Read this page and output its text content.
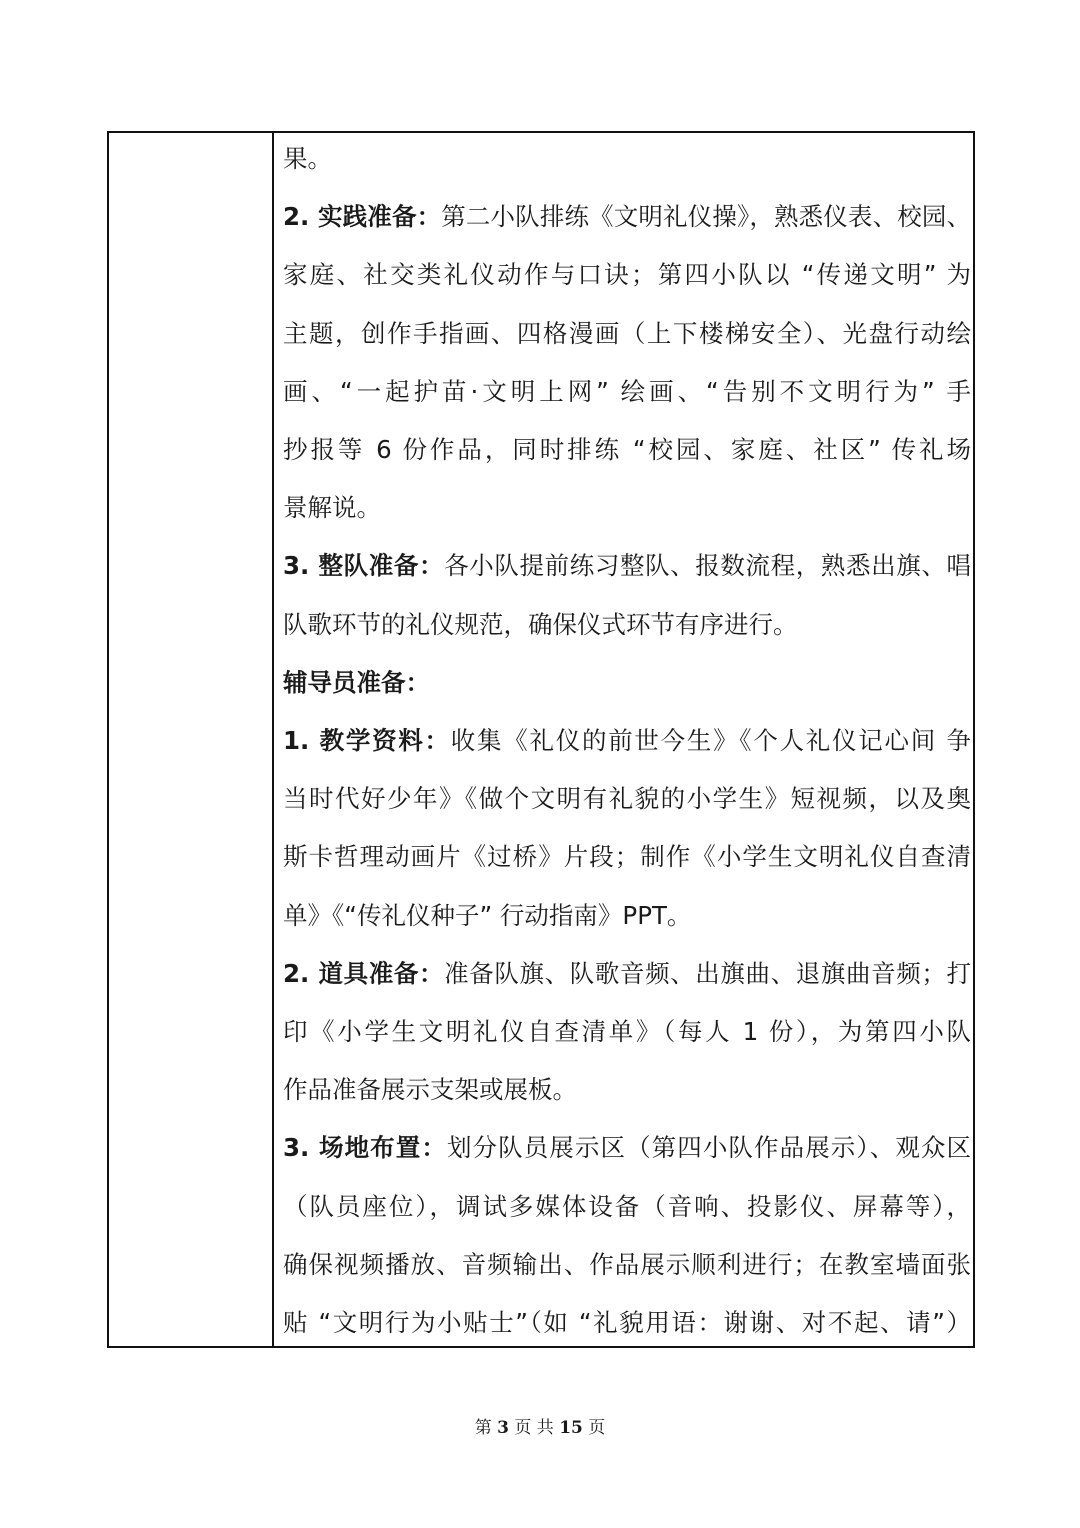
果。
2. 实践准备：第二小队排练《文明礼仪操》，熟悉仪表、校园、
家庭、社交类礼仪动作与口诀；第四小队以 “传递文明” 为
主题，创作手指画、四格漫画（上下楼梯安全）、光盘行动绘
画、“一起护苗·文明上网” 绘画、“告别不文明行为” 手
抄报等 6 份作品，同时排练 “校园、家庭、社区” 传礼场
景解说。
3. 整队准备：各小队提前练习整队、报数流程，熟悉出旗、唱
队歌环节的礼仪规范，确保仪式环节有序进行。
辅导员准备：
1. 教学资料：收集《礼仪的前世今生》《个人礼仪记心间 争
当时代好少年》《做个文明有礼貌的小学生》短视频，以及奥
斯卡哲理动画片《过桥》片段；制作《小学生文明礼仪自查清
单》《“传礼仪种子” 行动指南》PPT。
2. 道具准备：准备队旗、队歌音频、出旗曲、退旗曲音频；打
印《小学生文明礼仪自查清单》（每人 1 份），为第四小队
作品准备展示支架或展板。
3. 场地布置：划分队员展示区（第四小队作品展示）、观众区
（队员座位），调试多媒体设备（音响、投影仪、屏幕等），
确保视频播放、音频输出、作品展示顺利进行；在教室墙面张
贴 “文明行为小贴士”（如 “礼貌用语：谢谢、对不起、请”）
第 3 页 共 15 页
